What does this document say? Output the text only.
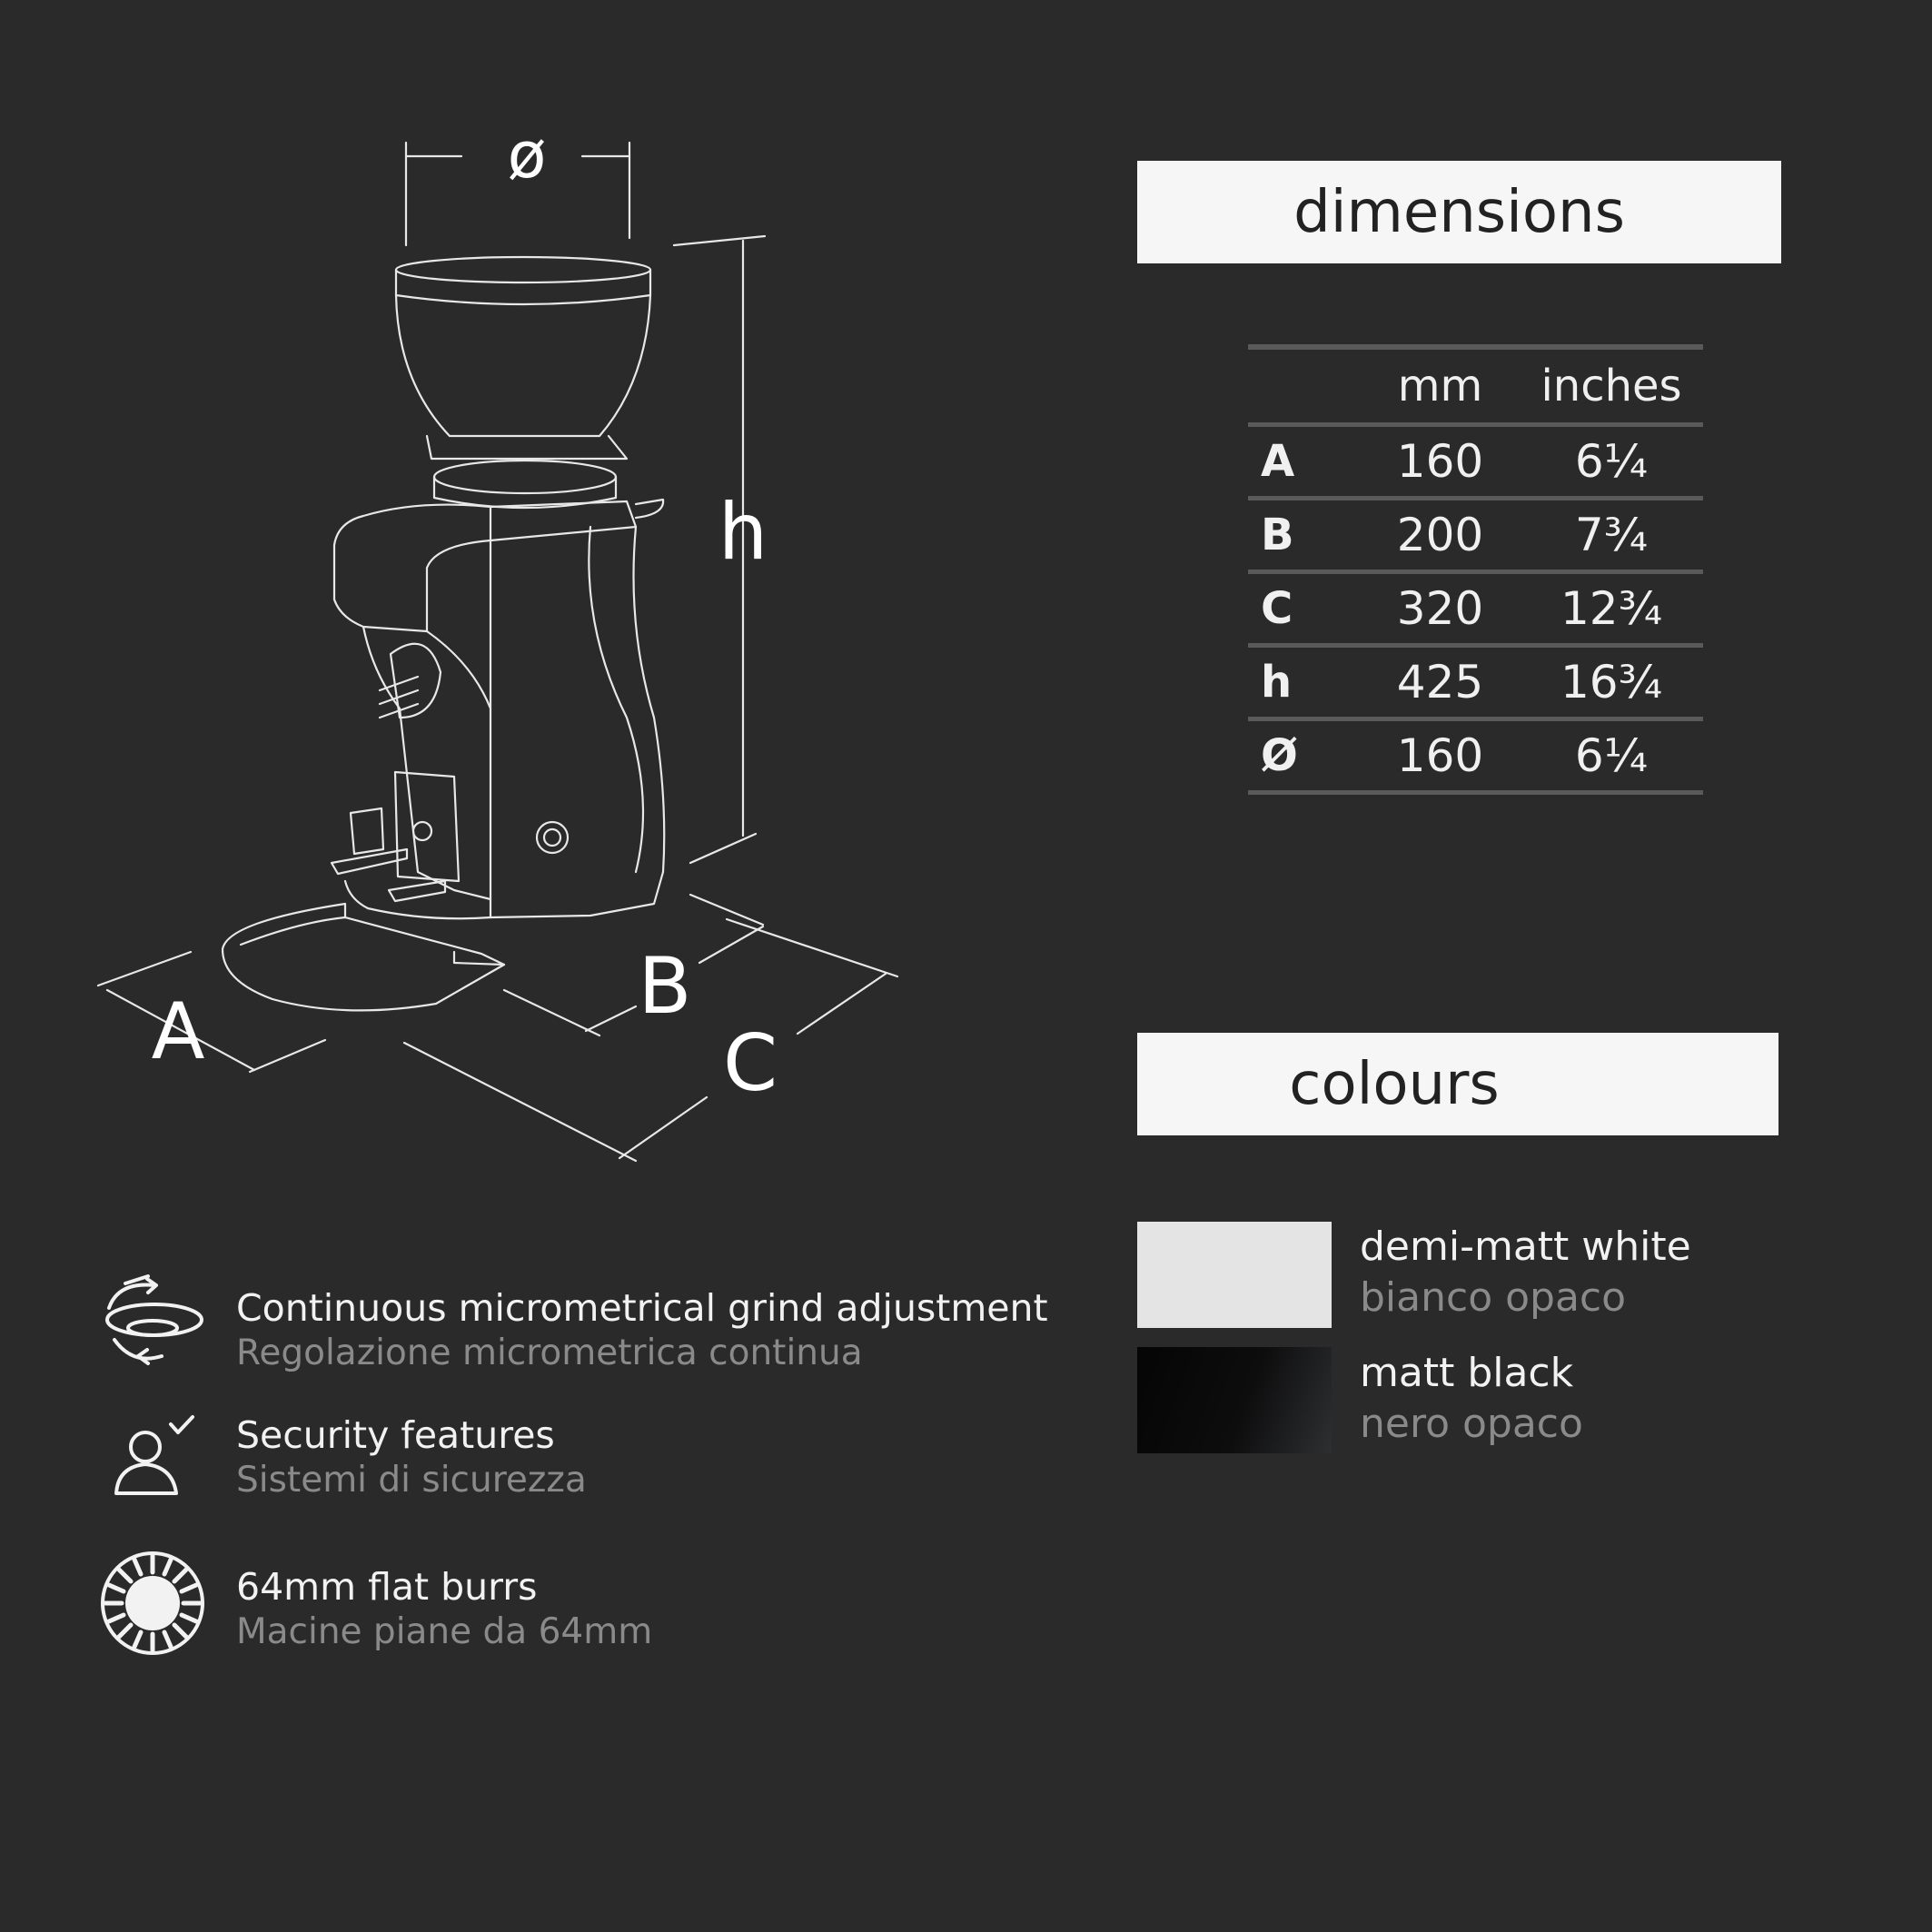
ø
h
A	B
C
dimensions
	mm	inches
A	160	6¼
B	200	7¾
C	320	12¾
h	425	16¾
Ø	160	6¼
colours
demi-matt white
bianco opaco
matt black
nero opaco
Continuous micrometrical grind adjustment
Regolazione micrometrica continua
Security features
Sistemi di sicurezza
64mm flat burrs
Macine piane da 64mm
